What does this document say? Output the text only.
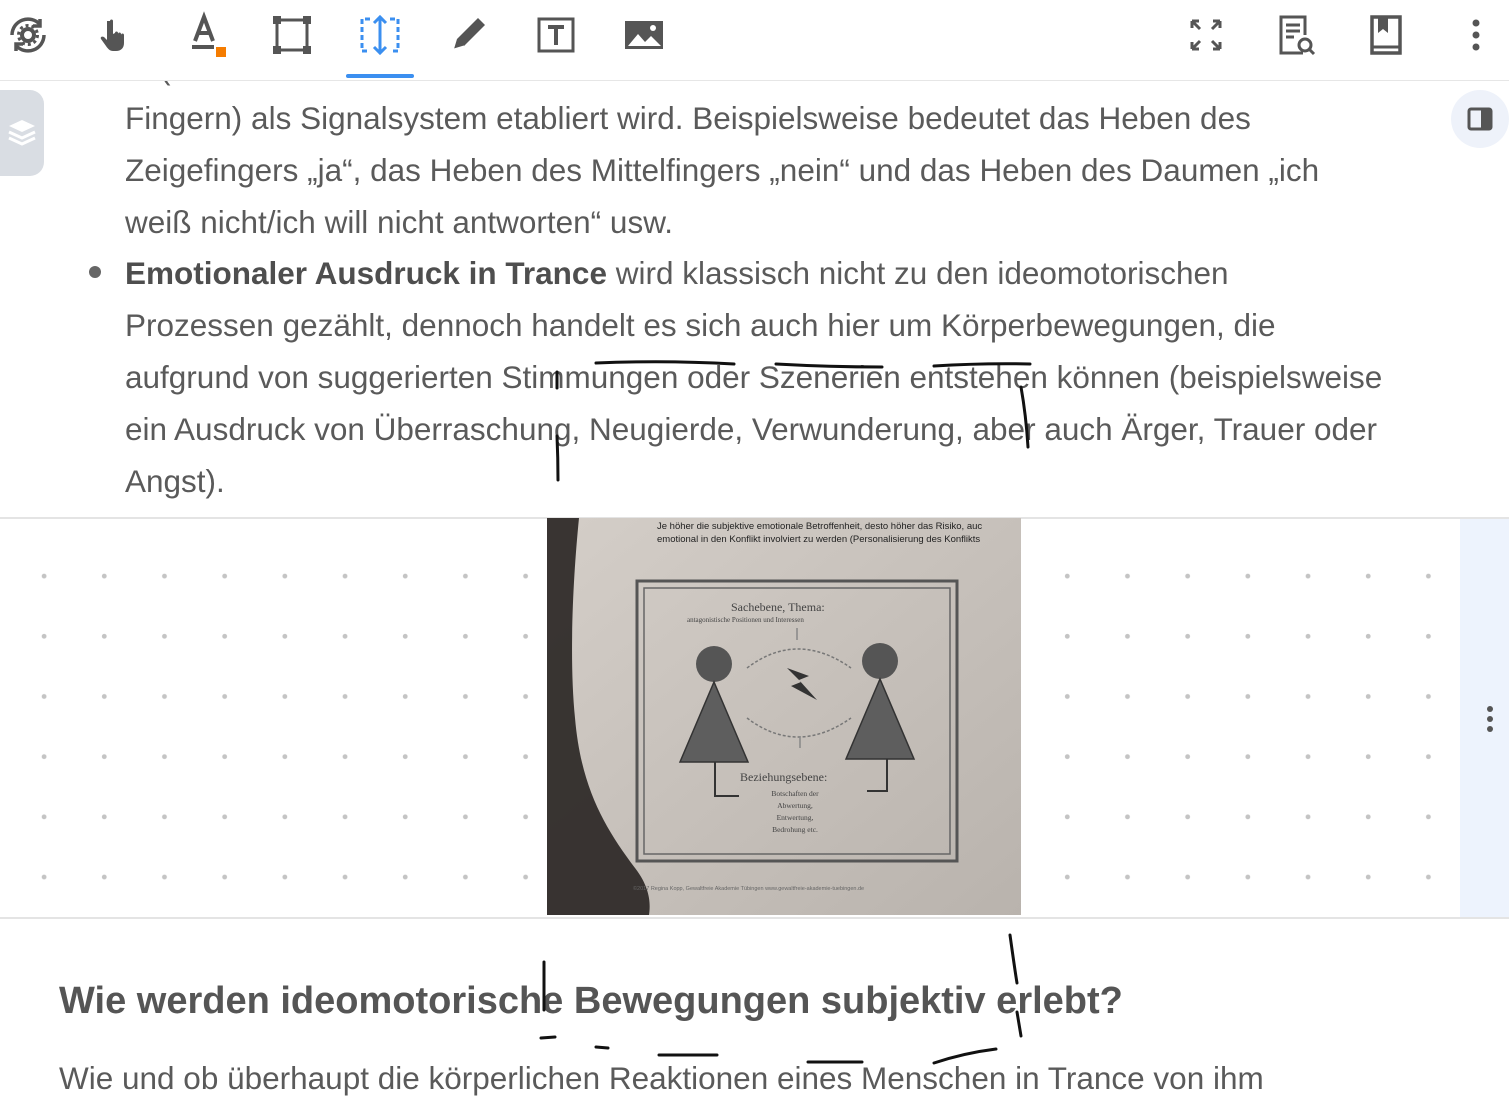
Fingern) als Signalsystem etabliert wird. Beispielsweise bedeutet das Heben des
Zeigefingers „ja“, das Heben des Mittelfingers „nein“ und das Heben des Daumen „ich
weiß nicht/ich will nicht antworten“ usw.
Emotionaler Ausdruck in Trance wird klassisch nicht zu den ideomotorischen
Prozessen gezählt, dennoch handelt es sich auch hier um Körperbewegungen, die
aufgrund von suggerierten Stimmungen oder Szenerien entstehen können (beispielsweise
ein Ausdruck von Überraschung, Neugierde, Verwunderung, aber auch Ärger, Trauer oder
Angst).
Je höher die subjektive emotionale Betroffenheit, desto höher das Risiko, auc
emotional in den Konflikt involviert zu werden (Personalisierung des Konflikts
Sachebene, Thema:
antagonistische Positionen und Interessen
Beziehungsebene:
Botschaften der
Abwertung,
Entwertung,
Bedrohung etc.
©2017 Regina Kopp, Gewaltfreie Akademie Tübingen www.gewaltfreie-akademie-tuebingen.de
Wie werden ideomotorische Bewegungen subjektiv erlebt?
Wie und ob überhaupt die körperlichen Reaktionen eines Menschen in Trance von ihm
